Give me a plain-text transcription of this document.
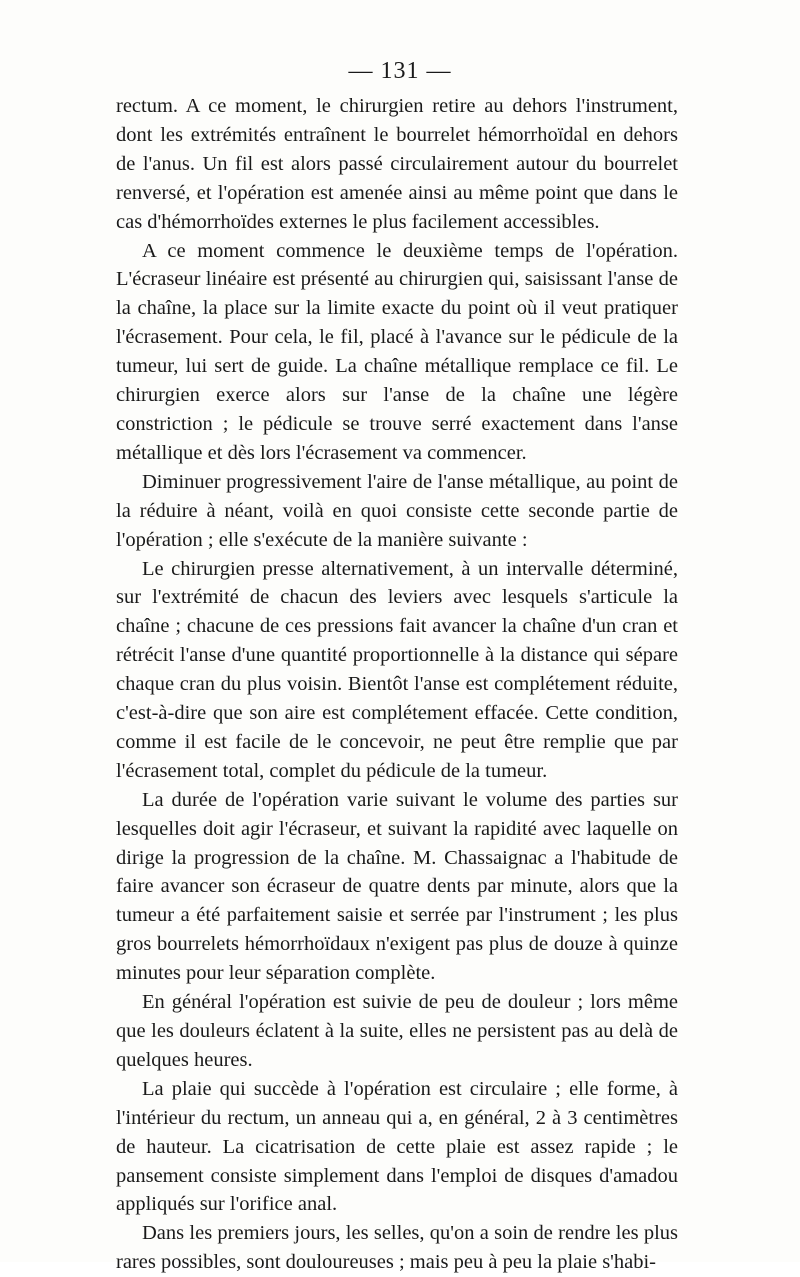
— 131 —

rectum. A ce moment, le chirurgien retire au dehors l'instrument, dont les extrémités entraînent le bourrelet hémorrhoïdal en dehors de l'anus. Un fil est alors passé circulairement autour du bourrelet renversé, et l'opération est amenée ainsi au même point que dans le cas d'hémorrhoïdes externes le plus facilement accessibles.

A ce moment commence le deuxième temps de l'opération. L'écraseur linéaire est présenté au chirurgien qui, saisissant l'anse de la chaîne, la place sur la limite exacte du point où il veut pratiquer l'écrasement. Pour cela, le fil, placé à l'avance sur le pédicule de la tumeur, lui sert de guide. La chaîne métallique remplace ce fil. Le chirurgien exerce alors sur l'anse de la chaîne une légère constriction ; le pédicule se trouve serré exactement dans l'anse métallique et dès lors l'écrasement va commencer.

Diminuer progressivement l'aire de l'anse métallique, au point de la réduire à néant, voilà en quoi consiste cette seconde partie de l'opération ; elle s'exécute de la manière suivante :

Le chirurgien presse alternativement, à un intervalle déterminé, sur l'extrémité de chacun des leviers avec lesquels s'articule la chaîne ; chacune de ces pressions fait avancer la chaîne d'un cran et rétrécit l'anse d'une quantité proportionnelle à la distance qui sépare chaque cran du plus voisin. Bientôt l'anse est complétement réduite, c'est-à-dire que son aire est complétement effacée. Cette condition, comme il est facile de le concevoir, ne peut être remplie que par l'écrasement total, complet du pédicule de la tumeur.

La durée de l'opération varie suivant le volume des parties sur lesquelles doit agir l'écraseur, et suivant la rapidité avec laquelle on dirige la progression de la chaîne. M. Chassaignac a l'habitude de faire avancer son écraseur de quatre dents par minute, alors que la tumeur a été parfaitement saisie et serrée par l'instrument ; les plus gros bourrelets hémorrhoïdaux n'exigent pas plus de douze à quinze minutes pour leur séparation complète.

En général l'opération est suivie de peu de douleur ; lors même que les douleurs éclatent à la suite, elles ne persistent pas au delà de quelques heures.

La plaie qui succède à l'opération est circulaire ; elle forme, à l'intérieur du rectum, un anneau qui a, en général, 2 à 3 centimètres de hauteur. La cicatrisation de cette plaie est assez rapide ; le pansement consiste simplement dans l'emploi de disques d'amadou appliqués sur l'orifice anal.

Dans les premiers jours, les selles, qu'on a soin de rendre les plus rares possibles, sont douloureuses ; mais peu à peu la plaie s'habi-
